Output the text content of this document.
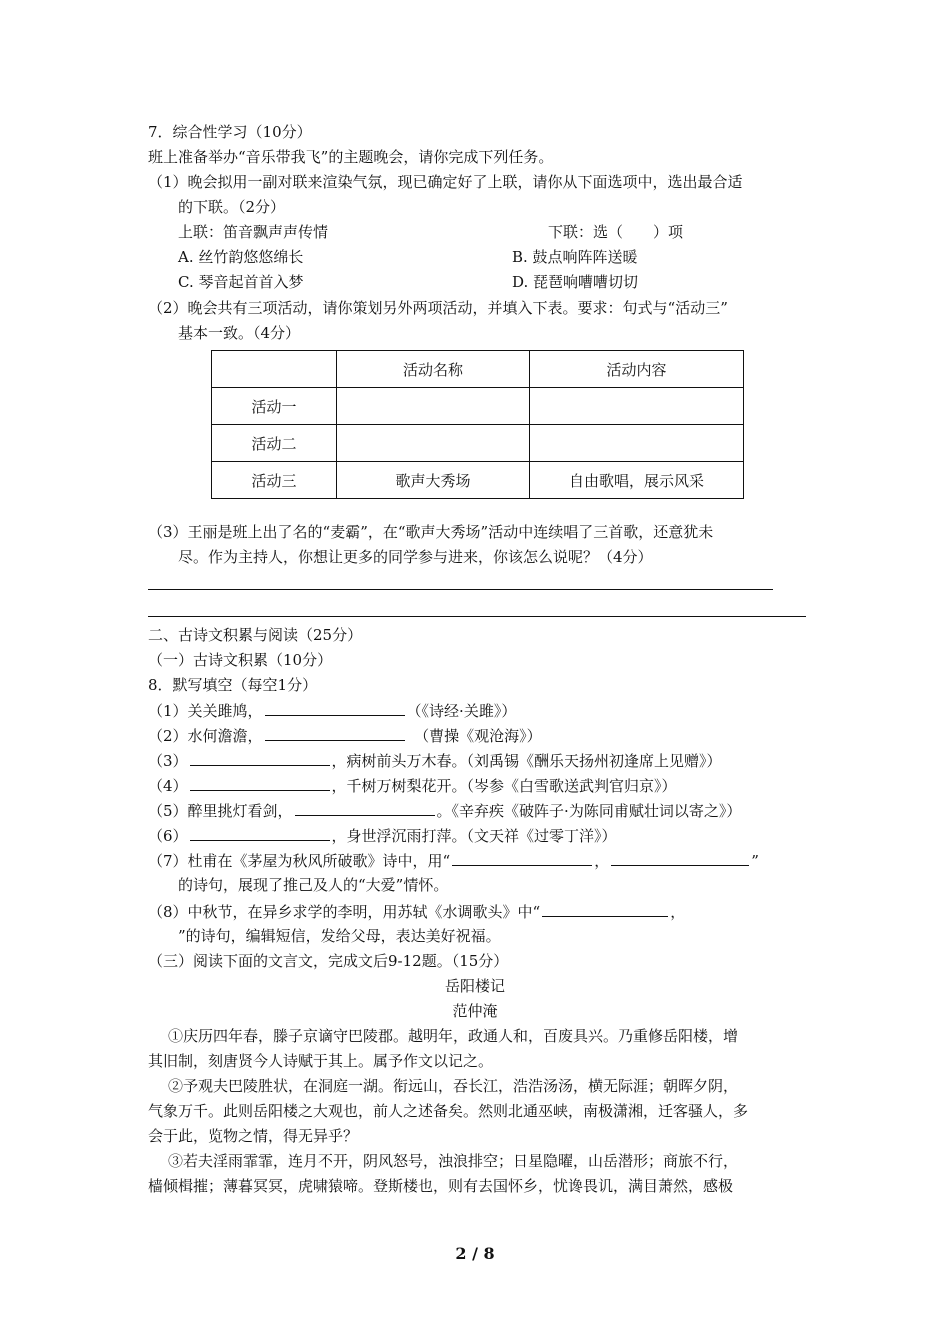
7．综合性学习（10分）
班上准备举办“音乐带我飞”的主题晚会，请你完成下列任务。
（1）晚会拟用一副对联来渲染气氛，现已确定好了上联，请你从下面选项中，选出最合适
的下联。（2分）
上联：笛音飘声声传情	下联：选（　　）项
A. 丝竹韵悠悠绵长	B. 鼓点响阵阵送暖
C. 琴音起首首入梦	D. 琵琶响嘈嘈切切
（2）晚会共有三项活动，请你策划另外两项活动，并填入下表。要求：句式与“活动三”
基本一致。（4分）
	活动名称	活动内容
活动一		
活动二		
活动三	歌声大秀场	自由歌唱，展示风采
（3）王丽是班上出了名的“麦霸”，在“歌声大秀场”活动中连续唱了三首歌，还意犹未
尽。作为主持人，你想让更多的同学参与进来，你该怎么说呢？（4分）
二、古诗文积累与阅读（25分）
（一）古诗文积累（10分）
8．默写填空（每空1分）
（1）关关雎鸠，	（《诗经·关雎》）
（2）水何澹澹，　	（曹操《观沧海》）
（3）	，病树前头万木春。（刘禹锡《酬乐天扬州初逢席上见赠》）
（4）	，千树万树梨花开。（岑参《白雪歌送武判官归京》）
（5）醉里挑灯看剑，	。《辛弃疾《破阵子·为陈同甫赋壮词以寄之》）
（6）	，身世浮沉雨打萍。（文天祥《过零丁洋》）
（7）杜甫在《茅屋为秋风所破歌》诗中，用“	，	”
的诗句，展现了推己及人的“大爱”情怀。
（8）中秋节，在异乡求学的李明，用苏轼《水调歌头》中“	，
”的诗句，编辑短信，发给父母，表达美好祝福。
（三）阅读下面的文言文，完成文后9-12题。（15分）
岳阳楼记
范仲淹
①庆历四年春，滕子京谪守巴陵郡。越明年，政通人和，百废具兴。乃重修岳阳楼，增
其旧制，刻唐贤今人诗赋于其上。属予作文以记之。
②予观夫巴陵胜状，在洞庭一湖。衔远山，吞长江，浩浩汤汤，横无际涯；朝晖夕阴，
气象万千。此则岳阳楼之大观也，前人之述备矣。然则北通巫峡，南极潇湘，迁客骚人，多
会于此，览物之情，得无异乎？
③若夫淫雨霏霏，连月不开，阴风怒号，浊浪排空；日星隐曜，山岳潜形；商旅不行，
樯倾楫摧；薄暮冥冥，虎啸猿啼。登斯楼也，则有去国怀乡，忧谗畏讥，满目萧然，感极
2 / 8
